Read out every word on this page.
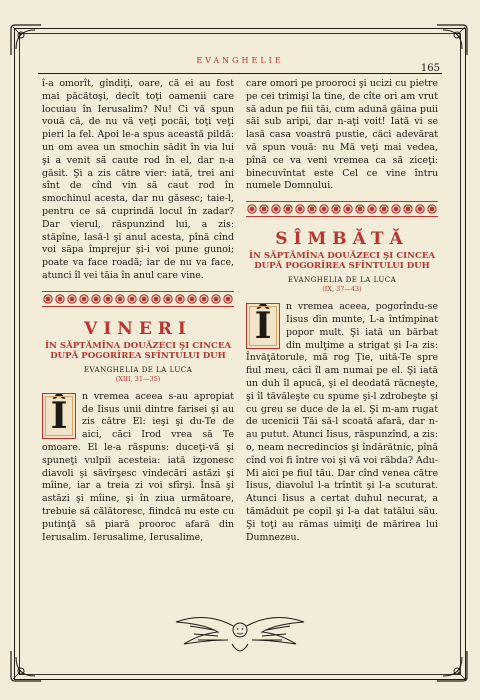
EVANGHELIE
165

î-a omorît, gîndiţi, oare, că ei au fost mai păcătoşi, decît toţi oamenii care locuiau în Ierusalim? Nu! Ci vă spun vouă că, de nu vă veţi pocăi, toţi veţi pieri la fel. Apoi le-a spus această pildă: un om avea un smochin sădit în via lui şi a venit să caute rod în el, dar n-a găsit. Şi a zis către vier: iată, trei ani sînt de cînd vin să caut rod în smochinul acesta, dar nu găsesc; taie-l, pentru ce să cuprindă locul în zadar? Dar vierul, răspunzind lui, a zis: stăpîne, lasă-l şi anul acesta, pînă cînd voi săpa împrejur şi-i voi pune gunoi; poate va face roadă; iar de nu va face, atunci îl vei tăia în anul care vine.

VINERI

ÎN SĂPTĂMÎNA DOUĂZECI ŞI CINCEA DUPĂ POGORÎREA SFÎNTULUI DUH

EVANGHELIA DE LA LUCA

(XIII, 31—35)

Î	n vremea aceea s-au apropiat de Iisus unii dintre farisei şi au zis către El: ieşi şi du-Te de aici, căci Irod vrea să Te omoare. El le-a răspuns: duceţi-vă şi spuneţi vulpii acesteia: iată izgonesc diavoli şi săvîrşesc vindecări astăzi şi mîine, iar a treia zi voi sfîrşi. Însă şi astăzi şi mîine, şi în ziua următoare, trebuie să călătoresc, fiindcă nu este cu putinţă să piară prooroc afară din Ierusalim. Ierusalime, Ierusalime,

care omori pe prooroci şi ucizi cu pietre pe cei trimişi la tine, de cîte ori am vrut să adun pe fiii tăi, cum adună găina puii săi sub aripi, dar n-aţi voit! Iată vi se lasă casa voastră pustie, căci adevărat vă spun vouă: nu Mă veţi mai vedea, pînă ce va veni vremea ca să ziceţi: binecuvîntat este Cel ce vine întru numele Domnului.

SÎMBĂTĂ

ÎN SĂPTĂMÎNA DOUĂZECI ŞI CINCEA DUPĂ POGORÎREA SFÎNTULUI DUH

EVANGHELIA DE LA LUCA

(IX, 37—43)

Î	n vremea aceea, pogorîndu-se Iisus din munte, L-a întîmpinat popor mult. Şi iată un bărbat din mulţime a strigat şi I-a zis: Învăţătorule, mă rog Ţie, uită-Te spre fiul meu, căci îl am numai pe el. Şi iată un duh îl apucă, şi el deodată răcneşte, şi îl tăvăleşte cu spume şi-l zdrobeşte şi cu greu se duce de la el. Şi m-am rugat de ucenicii Tăi să-l scoată afară, dar n-au putut. Atunci Iisus, răspunzînd, a zis: o, neam necredincios şi îndărătnic, pînă cînd voi fi între voi şi vă voi răbda? Adu-Mi aici pe fiul tău. Dar cînd venea către Iisus, diavolul l-a trîntit şi l-a scuturat. Atunci Iisus a certat duhul necurat, a tămăduit pe copil şi l-a dat tatălui său. Şi toţi au rămas uimiţi de mărirea lui Dumnezeu.
